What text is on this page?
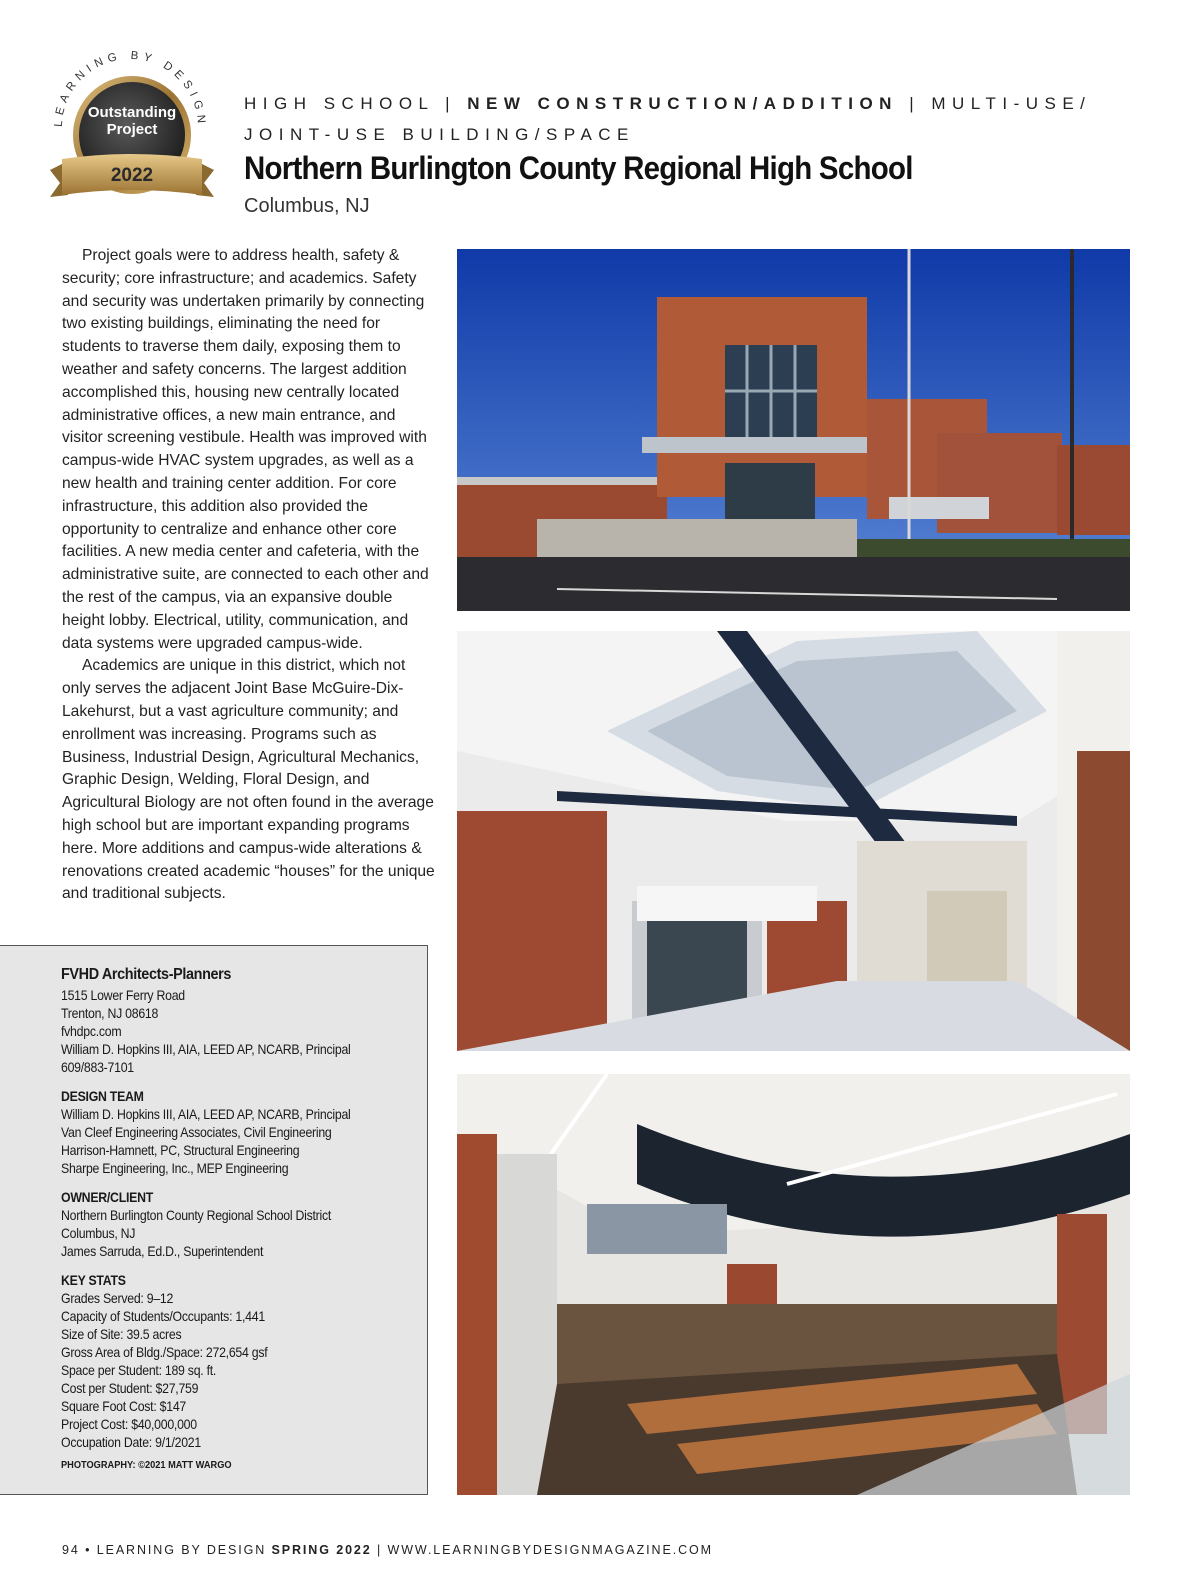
LEARNING BY DESIGN
Outstanding
Project
2022
HIGH SCHOOL | NEW CONSTRUCTION/ADDITION | MULTI-USE/
JOINT-USE BUILDING/SPACE
Northern Burlington County Regional High School
Columbus, NJ

Project goals were to address health, safety & security; core infrastructure; and academics. Safety and security was undertaken primarily by connecting two existing buildings, eliminating the need for students to traverse them daily, exposing them to weather and safety concerns. The largest addition accomplished this, housing new centrally located administrative offices, a new main entrance, and visitor screening vestibule. Health was improved with campus-wide HVAC system upgrades, as well as a new health and training center addition. For core infrastructure, this addition also provided the opportunity to centralize and enhance other core facilities. A new media center and cafeteria, with the administrative suite, are connected to each other and the rest of the campus, via an expansive double height lobby. Electrical, utility, communication, and data systems were upgraded campus-wide.

Academics are unique in this district, which not only serves the adjacent Joint Base McGuire-Dix-Lakehurst, but a vast agriculture community; and enrollment was increasing. Programs such as Business, Industrial Design, Agricultural Mechanics, Graphic Design, Welding, Floral Design, and Agricultural Biology are not often found in the average high school but are important expanding programs here. More additions and campus-wide alterations & renovations created academic “houses” for the unique and traditional subjects.

FVHD Architects-Planners
1515 Lower Ferry Road
Trenton, NJ 08618
fvhdpc.com
William D. Hopkins III, AIA, LEED AP, NCARB, Principal
609/883-7101
DESIGN TEAM
William D. Hopkins III, AIA, LEED AP, NCARB, Principal
Van Cleef Engineering Associates, Civil Engineering
Harrison-Hamnett, PC, Structural Engineering
Sharpe Engineering, Inc., MEP Engineering
OWNER/CLIENT
Northern Burlington County Regional School District
Columbus, NJ
James Sarruda, Ed.D., Superintendent
KEY STATS
Grades Served: 9–12
Capacity of Students/Occupants: 1,441
Size of Site: 39.5 acres
Gross Area of Bldg./Space: 272,654 gsf
Space per Student: 189 sq. ft.
Cost per Student: $27,759
Square Foot Cost: $147
Project Cost: $40,000,000
Occupation Date: 9/1/2021
PHOTOGRAPHY: ©2021 MATT WARGO
94 • LEARNING BY DESIGN SPRING 2022 | WWW.LEARNINGBYDESIGNMAGAZINE.COM
